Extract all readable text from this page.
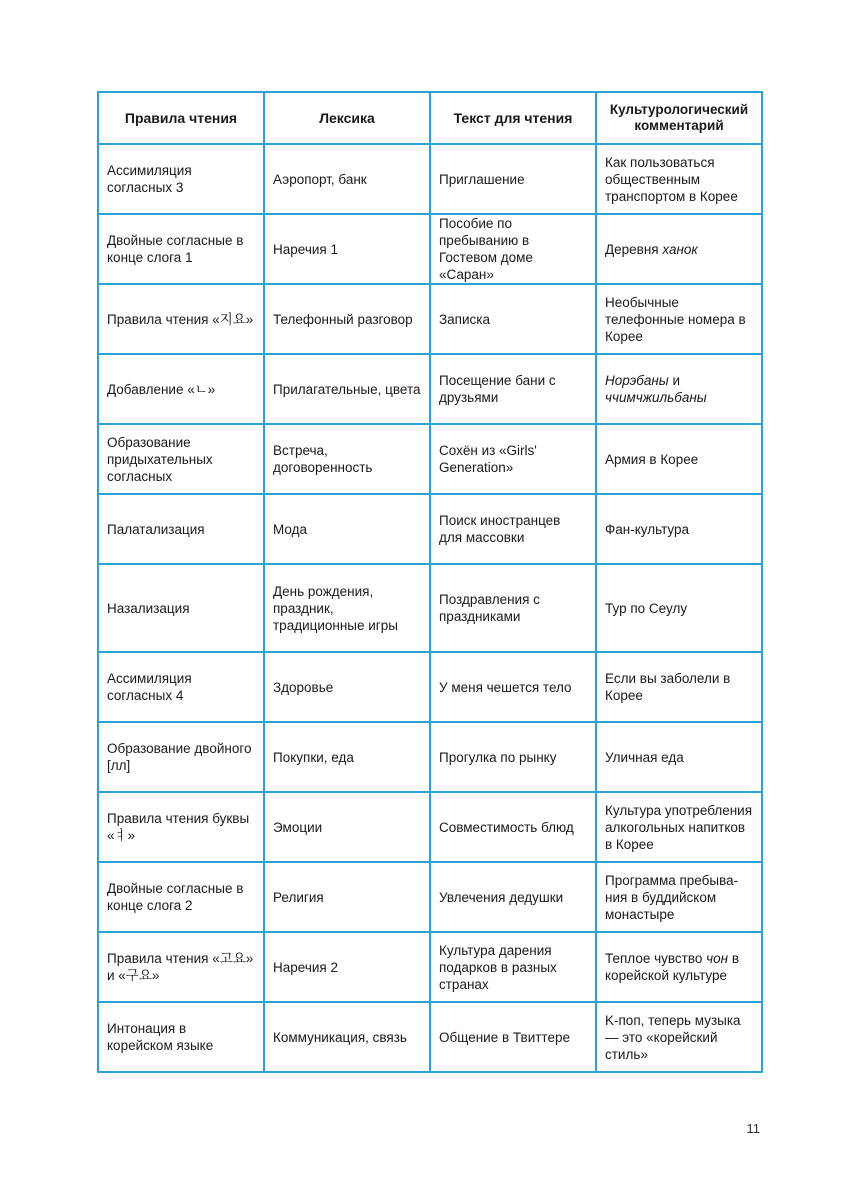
Правила чтения	Лексика	Текст для чтения	Культурологический комментарий
Ассимиляция согласных 3	Аэропорт, банк	Приглашение	Как пользоваться общественным транспортом в Корее
Двойные согласные в конце слога 1	Наречия 1	Пособие по пребыванию в Гостевом доме «Саран»	Деревня ханок
Правила чтения «지요»	Телефонный разговор	Записка	Необычные телефонные номера в Корее
Добавление «ㄴ»	Прилагательные, цвета	Посещение бани с друзьями	Норэбаны и ччимчжильбаны
Образование придыхательных согласных	Встреча, договоренность	Сохён из «Girls' Generation»	Армия в Корее
Палатализация	Мода	Поиск иностранцев для массовки	Фан-культура
Назализация	День рождения, праздник, традиционные игры	Поздравления с праздниками	Тур по Сеулу
Ассимиляция согласных 4	Здоровье	У меня чешется тело	Если вы заболели в Корее
Образование двойного [лл]	Покупки, еда	Прогулка по рынку	Уличная еда
Правила чтения буквы «ㅕ»	Эмоции	Совместимость блюд	Культура употребления алкогольных напитков в Корее
Двойные согласные в конце слога 2	Религия	Увлечения дедушки	Программа пребыва-ния в буддийском монастыре
Правила чтения «고요» и «구요»	Наречия 2	Культура дарения подарков в разных странах	Теплое чувство чон в корейской культуре
Интонация в корейском языке	Коммуникация, связь	Общение в Твиттере	K-поп, теперь музыка — это «корейский стиль»
11
